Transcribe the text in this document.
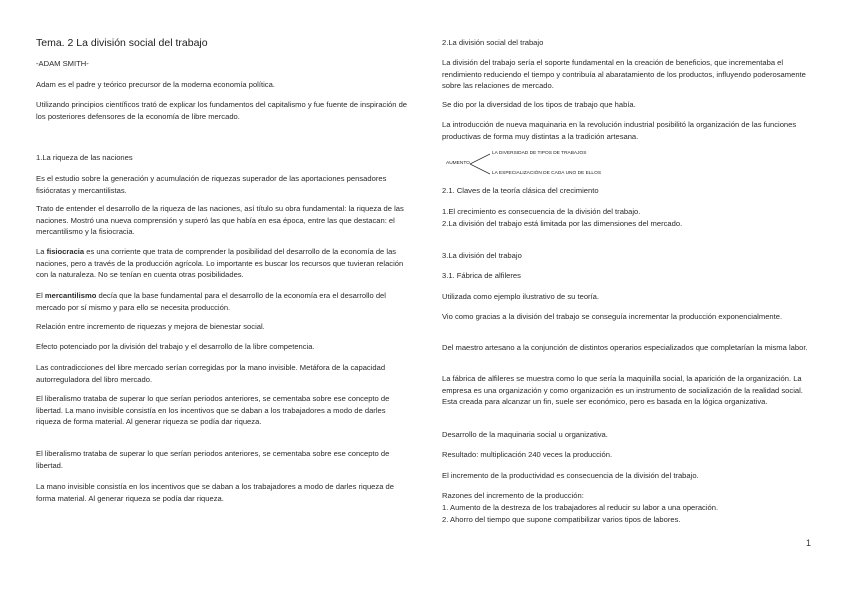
Tema. 2 La división social del trabajo

-ADAM SMITH-

Adam es el padre y teórico precursor de la moderna economía política.

Utilizando principios científicos trató de explicar los fundamentos del capitalismo y fue fuente de inspiración de los posteriores defensores de la economía de libre mercado.

1.La riqueza de las naciones

Es el estudio sobre la generación y acumulación de riquezas superador de las aportaciones pensadores fisiócratas y mercantilistas.

Trato de entender el desarrollo de la riqueza de las naciones, así título su obra fundamental: la riqueza de las naciones. Mostró una nueva comprensión y superó las que había en esa época, entre las que destacan: el mercantilismo y la fisiocracia.

La fisiocracia es una corriente que trata de comprender la posibilidad del desarrollo de la economía de las naciones, pero a través de la producción agrícola. Lo importante es buscar los recursos que tuvieran relación con la naturaleza. No se tenían en cuenta otras posibilidades.

El mercantilismo decía que la base fundamental para el desarrollo de la economía era el desarrollo del mercado por sí mismo y para ello se necesita producción.

Relación entre incremento de riquezas y mejora de bienestar social.

Efecto potenciado por la división del trabajo y el desarrollo de la libre competencia.

Las contradicciones del libre mercado serían corregidas por la mano invisible. Metáfora de la capacidad autorreguladora del libro mercado.

El liberalismo trataba de superar lo que serían periodos anteriores, se cementaba sobre ese concepto de libertad. La mano invisible consistía en los incentivos que se daban a los trabajadores a modo de darles riqueza de forma material. Al generar riqueza se podía dar riqueza.

El liberalismo trataba de superar lo que serían periodos anteriores, se cementaba sobre ese concepto de libertad.

La mano invisible consistía en los incentivos que se daban a los trabajadores a modo de darles riqueza de forma material. Al generar riqueza se podía dar riqueza.

2.La división social del trabajo

La división del trabajo sería el soporte fundamental en la creación de beneficios, que incrementaba el rendimiento reduciendo el tiempo y contribuía al abaratamiento de los productos, influyendo poderosamente sobre las relaciones de mercado.

Se dio por la diversidad de los tipos de trabajo que había.

La introducción de nueva maquinaria en la revolución industrial posibilitó la organización de las funciones productivas de forma muy distintas a la tradición artesana.

AUMENTO
LA DIVERSIDAD DE TIPOS DE TRABAJOS
LA ESPECIALIZACIÓN DE CADA UNO DE ELLOS

2.1. Claves de la teoría clásica del crecimiento

1.El crecimiento es consecuencia de la división del trabajo.

2.La división del trabajo está limitada por las dimensiones del mercado.

3.La división del trabajo

3.1. Fábrica de alfileres

Utilizada como ejemplo ilustrativo de su teoría.

Vio como gracias a la división del trabajo se conseguía incrementar la producción exponencialmente.

Del maestro artesano a la conjunción de distintos operarios especializados que completarían la misma labor.

La fábrica de alfileres se muestra como lo que sería la maquinilla social, la aparición de la organización. La empresa es una organización y como organización es un instrumento de socialización de la realidad social. Esta creada para alcanzar un fin, suele ser económico, pero es basada en la lógica organizativa.

Desarrollo de la maquinaria social u organizativa.

Resultado: multiplicación 240 veces la producción.

El incremento de la productividad es consecuencia de la división del trabajo.

Razones del incremento de la producción:

1. Aumento de la destreza de los trabajadores al reducir su labor a una operación.

2. Ahorro del tiempo que supone compatibilizar varios tipos de labores.

1
